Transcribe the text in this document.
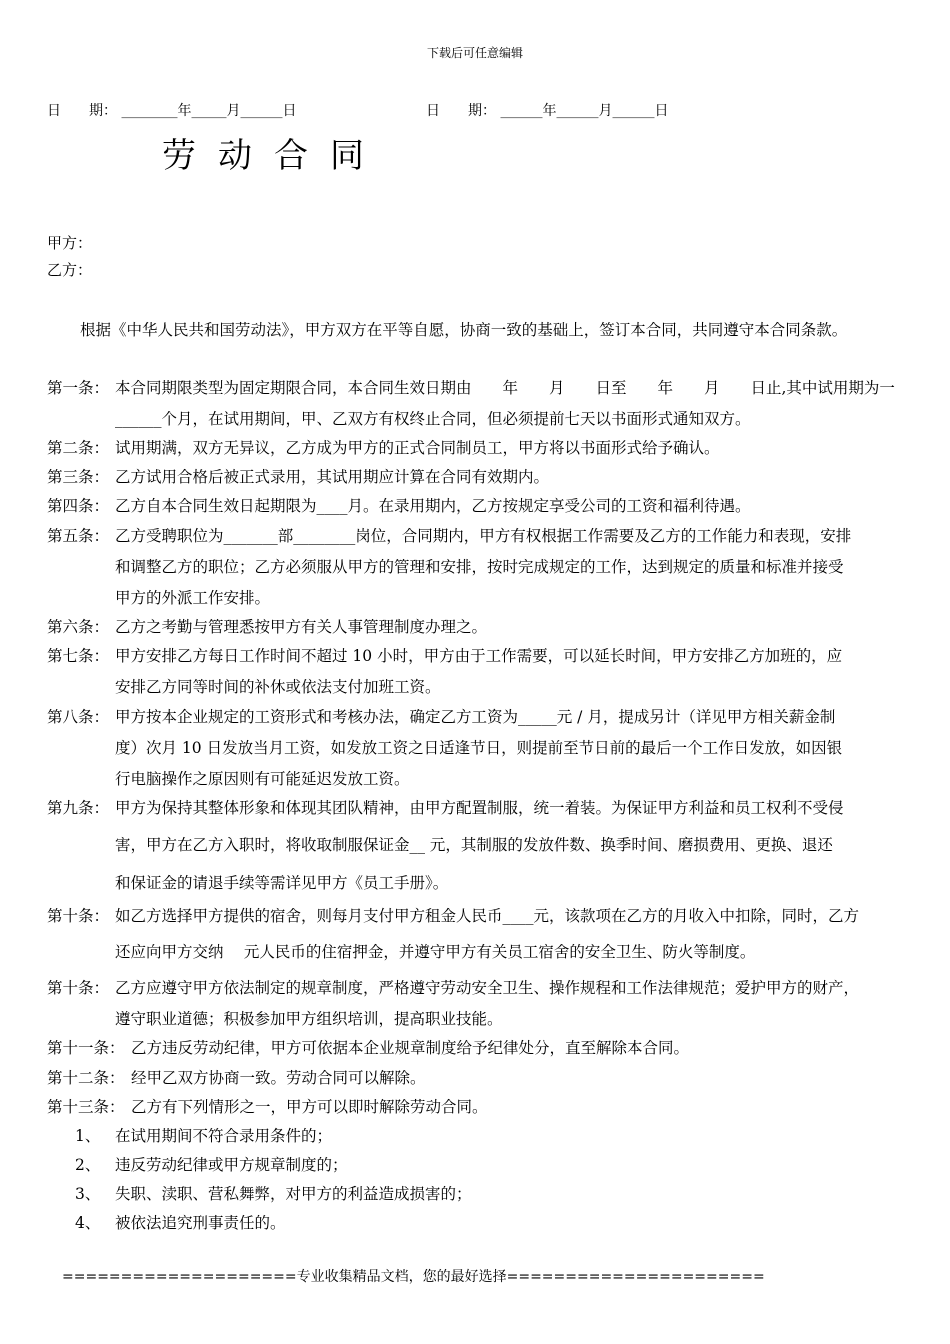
下载后可任意编辑
日　　期： ________年_____月______日	日　　期： ______年______月______日
劳动合同
甲方：
乙方：
根据《中华人民共和国劳动法》，甲方双方在平等自愿，协商一致的基础上，签订本合同，共同遵守本合同条款。
第一条： 本合同期限类型为固定期限合同，本合同生效日期由　　年　　月　　日至　　年　　月　　日止,其中试用期为一
______个月，在试用期间，甲、乙双方有权终止合同，但必须提前七天以书面形式通知双方。
第二条： 试用期满，双方无异议，乙方成为甲方的正式合同制员工，甲方将以书面形式给予确认。
第三条： 乙方试用合格后被正式录用，其试用期应计算在合同有效期内。
第四条： 乙方自本合同生效日起期限为____月。在录用期内，乙方按规定享受公司的工资和福利待遇。
第五条： 乙方受聘职位为_______部________岗位，合同期内，甲方有权根据工作需要及乙方的工作能力和表现，安排
和调整乙方的职位；乙方必须服从甲方的管理和安排，按时完成规定的工作，达到规定的质量和标准并接受
甲方的外派工作安排。
第六条： 乙方之考勤与管理悉按甲方有关人事管理制度办理之。
第七条： 甲方安排乙方每日工作时间不超过 10 小时，甲方由于工作需要，可以延长时间，甲方安排乙方加班的，应
安排乙方同等时间的补休或依法支付加班工资。
第八条： 甲方按本企业规定的工资形式和考核办法，确定乙方工资为_____元 / 月，提成另计（详见甲方相关薪金制
度）次月 10 日发放当月工资，如发放工资之日适逢节日，则提前至节日前的最后一个工作日发放，如因银
行电脑操作之原因则有可能延迟发放工资。
第九条： 甲方为保持其整体形象和体现其团队精神，由甲方配置制服，统一着装。为保证甲方利益和员工权利不受侵
害，甲方在乙方入职时，将收取制服保证金__ 元，其制服的发放件数、换季时间、磨损费用、更换、退还
和保证金的请退手续等需详见甲方《员工手册》。
第十条： 如乙方选择甲方提供的宿舍，则每月支付甲方租金人民币____元，该款项在乙方的月收入中扣除，同时，乙方
还应向甲方交纳　 元人民币的住宿押金，并遵守甲方有关员工宿舍的安全卫生、防火等制度。
第十条： 乙方应遵守甲方依法制定的规章制度，严格遵守劳动安全卫生、操作规程和工作法律规范；爱护甲方的财产，
遵守职业道德；积极参加甲方组织培训，提高职业技能。
第十一条： 乙方违反劳动纪律，甲方可依据本企业规章制度给予纪律处分，直至解除本合同。
第十二条： 经甲乙双方协商一致。劳动合同可以解除。
第十三条： 乙方有下列情形之一，甲方可以即时解除劳动合同。
1、 在试用期间不符合录用条件的；
2、 违反劳动纪律或甲方规章制度的；
3、 失职、渎职、营私舞弊，对甲方的利益造成损害的；
4、 被依法追究刑事责任的。
====================专业收集精品文档，您的最好选择======================
